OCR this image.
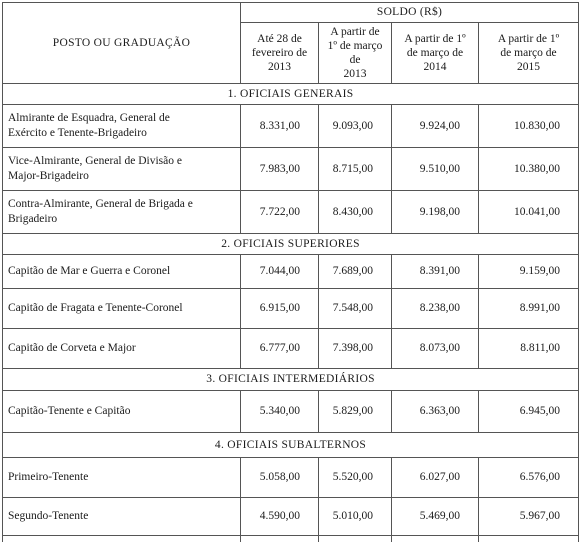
POSTO OU GRADUAÇÃO	SOLDO (R$)			
	Até 28 de
fevereiro de
2013	A partir de
1º de março de
2013	A partir de 1º
de março de
2014	A partir de 1º
de março de
2015
1. OFICIAIS GENERAIS				
Almirante de Esquadra, General de
Exército e Tenente-Brigadeiro	8.331,00	9.093,00	9.924,00	10.830,00
Vice-Almirante, General de Divisão e
Major-Brigadeiro	7.983,00	8.715,00	9.510,00	10.380,00
Contra-Almirante, General de Brigada e
Brigadeiro	7.722,00	8.430,00	9.198,00	10.041,00
2. OFICIAIS SUPERIORES				
Capitão de Mar e Guerra e Coronel	7.044,00	7.689,00	8.391,00	9.159,00
Capitão de Fragata e Tenente-Coronel	6.915,00	7.548,00	8.238,00	8.991,00
Capitão de Corveta e Major	6.777,00	7.398,00	8.073,00	8.811,00
3. OFICIAIS INTERMEDIÁRIOS				
Capitão-Tenente e Capitão	5.340,00	5.829,00	6.363,00	6.945,00
4. OFICIAIS SUBALTERNOS				
Primeiro-Tenente	5.058,00	5.520,00	6.027,00	6.576,00
Segundo-Tenente	4.590,00	5.010,00	5.469,00	5.967,00
